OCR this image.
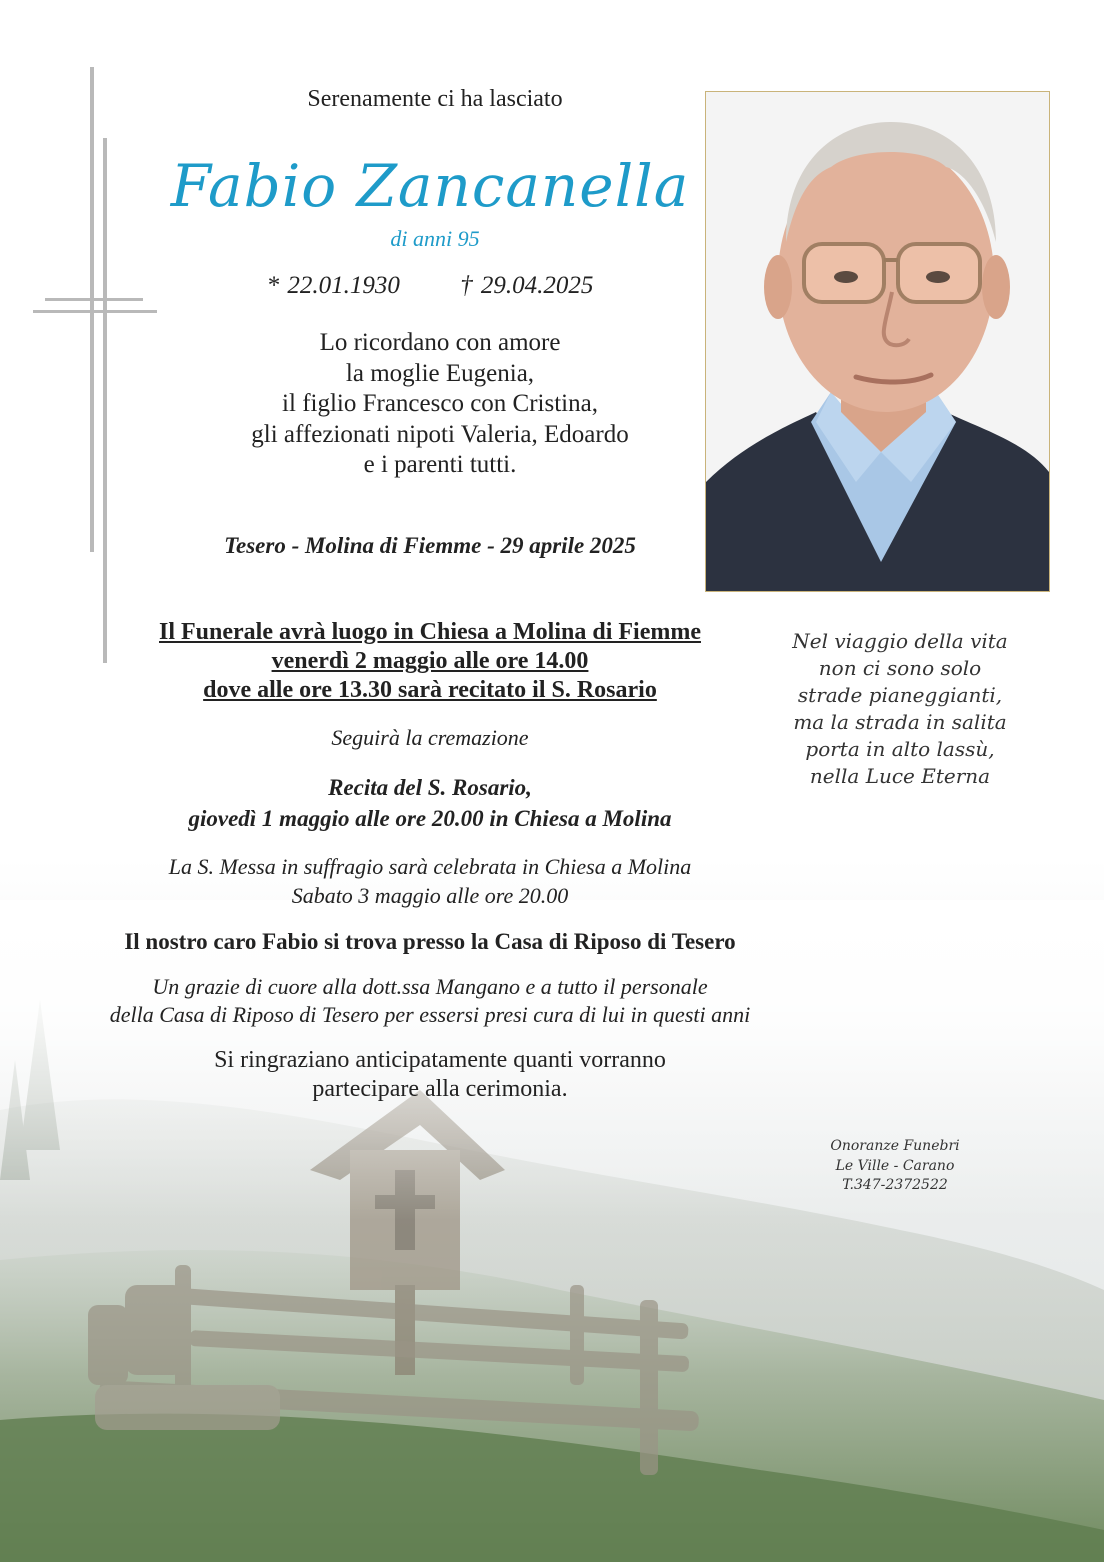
Serenamente ci ha lasciato
Fabio Zancanella
di anni 95
* 22.01.1930 † 29.04.2025
Lo ricordano con amore
la moglie Eugenia,
il figlio Francesco con Cristina,
gli affezionati nipoti Valeria, Edoardo
e i parenti tutti.
Tesero - Molina di Fiemme - 29 aprile 2025
Il Funerale avrà luogo in Chiesa a Molina di Fiemme
venerdì 2 maggio alle ore 14.00
dove alle ore 13.30 sarà recitato il S. Rosario
Seguirà la cremazione
Recita del S. Rosario,
giovedì 1 maggio alle ore 20.00 in Chiesa a Molina
La S. Messa in suffragio sarà celebrata in Chiesa a Molina
Sabato 3 maggio alle ore 20.00
Il nostro caro Fabio si trova presso la Casa di Riposo di Tesero
Un grazie di cuore alla dott.ssa Mangano e a tutto il personale
della Casa di Riposo di Tesero per essersi presi cura di lui in questi anni
Si ringraziano anticipatamente quanti vorranno
partecipare alla cerimonia.
Nel viaggio della vita
non ci sono solo
strade pianeggianti,
ma la strada in salita
porta in alto lassù,
nella Luce Eterna
Onoranze Funebri
Le Ville - Carano
T.347-2372522
